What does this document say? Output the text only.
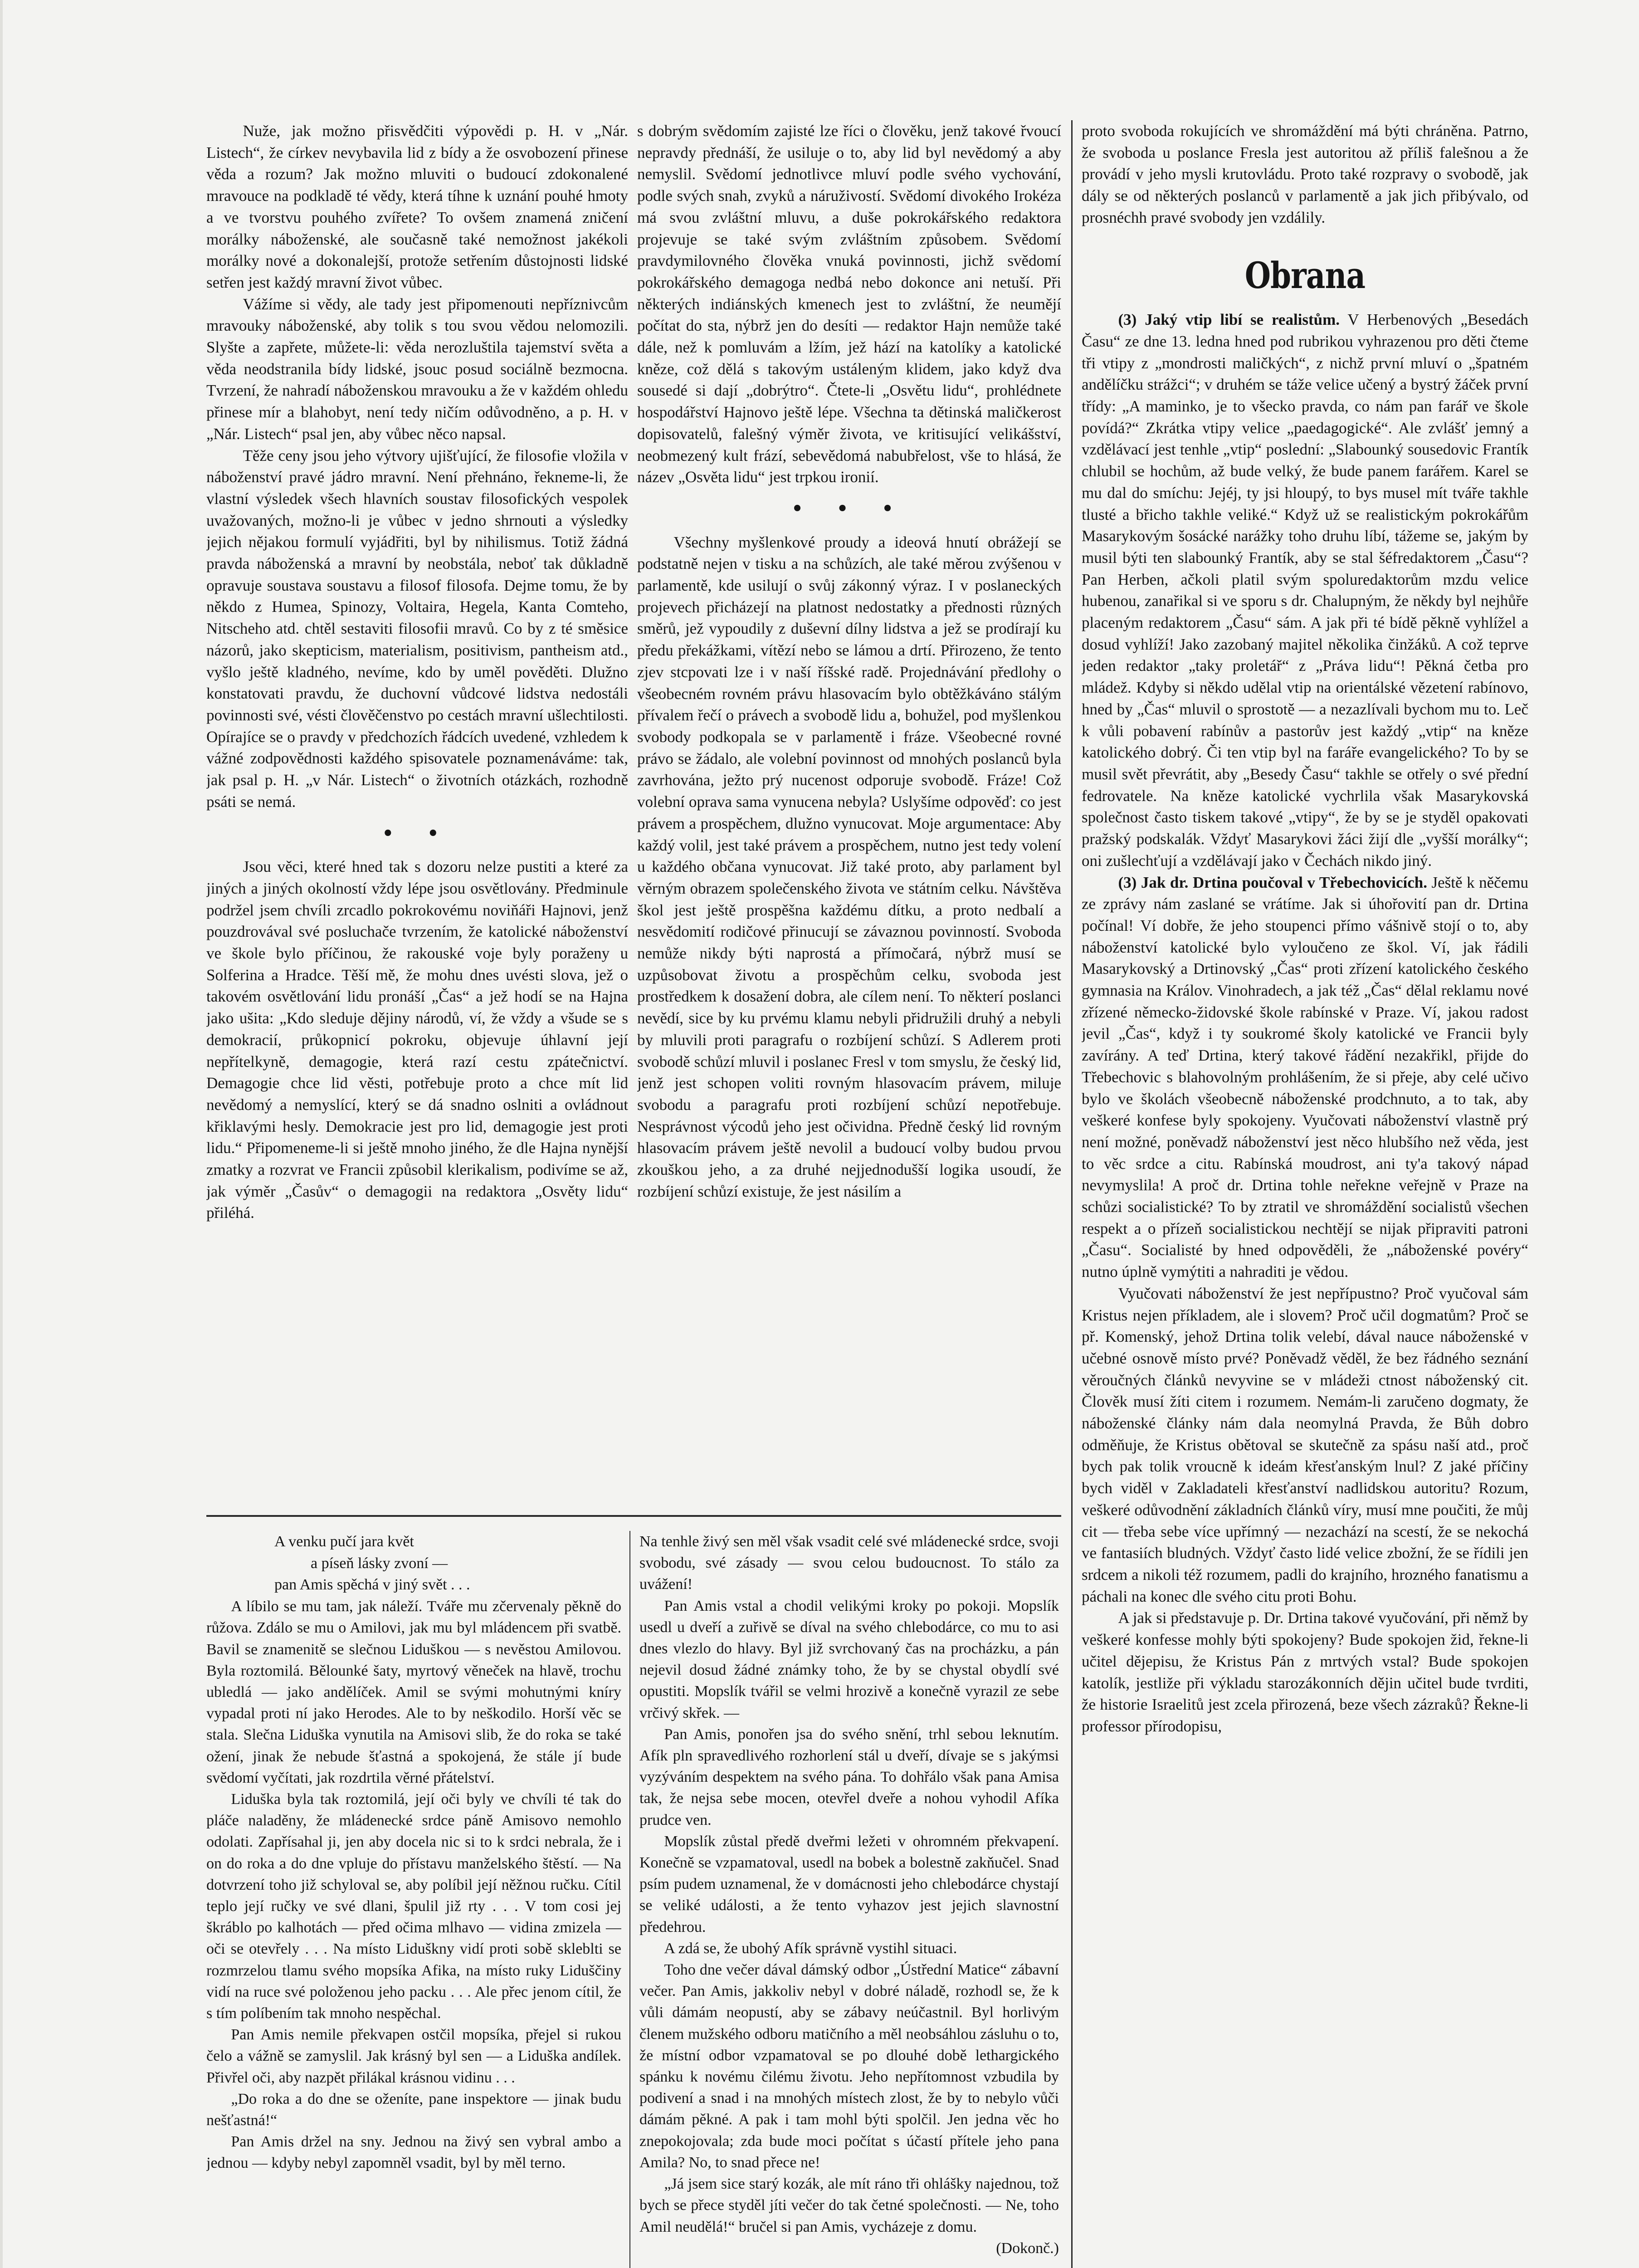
Nuže, jak možno přisvědčiti výpovědi p. H. v „Nár. Listech“, že církev nevybavila lid z bídy a že osvobození přinese věda a rozum? Jak možno mluviti o budoucí zdokonalené mravouce na podkladě té vědy, která tíhne k uznání pouhé hmoty a ve tvorstvu pouhého zvířete? To ovšem znamená zničení morálky náboženské, ale současně také nemožnost jakékoli morálky nové a dokonalejší, protože setřením důstojnosti lidské setřen jest každý mravní život vůbec.

Vážíme si vědy, ale tady jest připomenouti nepříznivcům mravouky náboženské, aby tolik s tou svou vědou nelomozili. Slyšte a zapřete, můžete-li: věda nerozluštila tajemství světa a věda neodstranila bídy lidské, jsouc posud sociálně bezmocna. Tvrzení, že nahradí náboženskou mravouku a že v každém ohledu přinese mír a blahobyt, není tedy ničím odůvodněno, a p. H. v „Nár. Listech“ psal jen, aby vůbec něco napsal.

Těže ceny jsou jeho výtvory ujišťující, že filosofie vložila v náboženství pravé jádro mravní. Není přehnáno, řekneme-li, že vlastní výsledek všech hlavních soustav filosofických vespolek uvažovaných, možno-li je vůbec v jedno shrnouti a výsledky jejich nějakou formulí vyjádřiti, byl by nihilismus. Totiž žádná pravda náboženská a mravní by neobstála, neboť tak důkladně opravuje soustava soustavu a filosof filosofa. Dejme tomu, že by někdo z Humea, Spinozy, Voltaira, Hegela, Kanta Comteho, Nitscheho atd. chtěl sestaviti filosofii mravů. Co by z té směsice názorů, jako skepticism, materialism, positivism, pantheism atd., vyšlo ještě kladného, nevíme, kdo by uměl pověděti. Dlužno konstatovati pravdu, že duchovní vůdcové lidstva nedostáli povinnosti své, vésti člověčenstvo po cestách mravní ušlechtilosti. Opírajíce se o pravdy v předchozích řádcích uvedené, vzhledem k vážné zodpovědnosti každého spisovatele poznamenáváme: tak, jak psal p. H. „v Nár. Listech“ o životních otázkách, rozhodně psáti se nemá.

• •

Jsou věci, které hned tak s dozoru nelze pustiti a které za jiných a jiných okolností vždy lépe jsou osvětlovány. Předminule podržel jsem chvíli zrcadlo pokrokovému noviňáři Hajnovi, jenž pouzdrovával své posluchače tvrzením, že katolické náboženství ve škole bylo příčinou, že rakouské voje byly poraženy u Solferina a Hradce. Těší mě, že mohu dnes uvésti slova, jež o takovém osvětlování lidu pronáší „Čas“ a jež hodí se na Hajna jako ušita: „Kdo sleduje dějiny národů, ví, že vždy a všude se s demokracií, průkopnicí pokroku, objevuje úhlavní její nepřítelkyně, demagogie, která razí cestu zpátečnictví. Demagogie chce lid věsti, potřebuje proto a chce mít lid nevědomý a nemyslící, který se dá snadno oslniti a ovládnout křiklavými hesly. Demokracie jest pro lid, demagogie jest proti lidu.“ Připomeneme-li si ještě mnoho jiného, že dle Hajna nynější zmatky a rozvrat ve Francii způsobil klerikalism, podivíme se až, jak výměr „Časův“ o demagogii na redaktora „Osvěty lidu“ přiléhá.

s dobrým svědomím zajisté lze říci o člověku, jenž takové řvoucí nepravdy přednáší, že usiluje o to, aby lid byl nevědomý a aby nemyslil. Svědomí jednotlivce mluví podle svého vychování, podle svých snah, zvyků a náruživostí. Svědomí divokého Irokéza má svou zvláštní mluvu, a duše pokrokářského redaktora projevuje se také svým zvláštním způsobem. Svědomí pravdymilovného člověka vnuká povinnosti, jichž svědomí pokrokářského demagoga nedbá nebo dokonce ani netuší. Při některých indiánských kmenech jest to zvláštní, že neumějí počítat do sta, nýbrž jen do desíti — redaktor Hajn nemůže také dále, než k pomluvám a lžím, jež hází na katolíky a katolické kněze, což dělá s takovým ustáleným klidem, jako když dva sousedé si dají „dobrýtro“. Čtete-li „Osvětu lidu“, prohlédnete hospodářství Hajnovo ještě lépe. Všechna ta dětinská maličkerost dopisovatelů, falešný výměr života, ve kritisující velikášství, neobmezený kult frází, sebevědomá nabubřelost, vše to hlásá, že název „Osvěta lidu“ jest trpkou ironií.

• • •

Všechny myšlenkové proudy a ideová hnutí obrážejí se podstatně nejen v tisku a na schůzích, ale také měrou zvýšenou v parlamentě, kde usilují o svůj zákonný výraz. I v poslaneckých projevech přicházejí na platnost nedostatky a přednosti různých směrů, jež vypoudily z duševní dílny lidstva a jež se prodírají ku předu překážkami, vítězí nebo se lámou a drtí. Přirozeno, že tento zjev stcpovati lze i v naší říšské radě. Projednávání předlohy o všeobecném rovném právu hlasovacím bylo obtěžkáváno stálým přívalem řečí o právech a svobodě lidu a, bohužel, pod myšlenkou svobody podkopala se v parlamentě i fráze. Všeobecné rovné právo se žádalo, ale volební povinnost od mnohých poslanců byla zavrhována, ježto prý nucenost odporuje svobodě. Fráze! Což volební oprava sama vynucena nebyla? Uslyšíme odpověď: co jest právem a prospěchem, dlužno vynucovat. Moje argumentace: Aby každý volil, jest také právem a prospěchem, nutno jest tedy volení u každého občana vynucovat. Již také proto, aby parlament byl věrným obrazem společenského života ve státním celku. Návštěva škol jest ještě prospěšna každému dítku, a proto nedbalí a nesvědomití rodičové přinucují se závaznou povinností. Svoboda nemůže nikdy býti naprostá a přímočará, nýbrž musí se uzpůsobovat životu a prospěchům celku, svoboda jest prostředkem k dosažení dobra, ale cílem není. To některí poslanci nevědí, sice by ku prvému klamu nebyli přidružili druhý a nebyli by mluvili proti paragrafu o rozbíjení schůzí. S Adlerem proti svobodě schůzí mluvil i poslanec Fresl v tom smyslu, že český lid, jenž jest schopen voliti rovným hlasovacím právem, miluje svobodu a paragrafu proti rozbíjení schůzí nepotřebuje. Nesprávnost výcodů jeho jest očividna. Předně český lid rovným hlasovacím právem ještě nevolil a budoucí volby budou prvou zkouškou jeho, a za druhé nejjednodušší logika usoudí, že rozbíjení schůzí existuje, že jest násilím a

A venku pučí jara květ
a píseň lásky zvoní —
pan Amis spěchá v jiný svět . . .

A líbilo se mu tam, jak náleží. Tváře mu zčervenaly pěkně do růžova. Zdálo se mu o Amilovi, jak mu byl mládencem při svatbě. Bavil se znamenitě se slečnou Liduškou — s nevěstou Amilovou. Byla roztomilá. Bělounké šaty, myrtový věneček na hlavě, trochu ubledlá — jako andělíček. Amil se svými mohutnými kníry vypadal proti ní jako Herodes. Ale to by neškodilo. Horší věc se stala. Slečna Liduška vynutila na Amisovi slib, že do roka se také ožení, jinak že nebude šťastná a spokojená, že stále jí bude svědomí vyčítati, jak rozdrtila věrné přátelství.

Liduška byla tak roztomilá, její oči byly ve chvíli té tak do pláče naladěny, že mládenecké srdce páně Amisovo nemohlo odolati. Zapřísahal ji, jen aby docela nic si to k srdci nebrala, že i on do roka a do dne vpluje do přístavu manželského štěstí. — Na dotvrzení toho již schyloval se, aby políbil její něžnou ručku. Cítil teplo její ručky ve své dlani, špulil již rty . . . V tom cosi jej škráblo po kalhotách — před očima mlhavo — vidina zmizela — oči se otevřely . . . Na místo Liduškny vidí proti sobě skleblti se rozmrzelou tlamu svého mopsíka Afika, na místo ruky Liduščiny vidí na ruce své položenou jeho packu . . . Ale přec jenom cítil, že s tím políbením tak mnoho nespěchal.

Pan Amis nemile překvapen ostčil mopsíka, přejel si rukou čelo a vážně se zamyslil. Jak krásný byl sen — a Liduška andílek. Přivřel oči, aby nazpět přilákal krásnou vidinu . . .

„Do roka a do dne se oženíte, pane inspektore — jinak budu nešťastná!“

Pan Amis držel na sny. Jednou na živý sen vybral ambo a jednou — kdyby nebyl zapomněl vsadit, byl by měl terno.

Na tenhle živý sen měl však vsadit celé své mládenecké srdce, svoji svobodu, své zásady — svou celou budoucnost. To stálo za uvážení!

Pan Amis vstal a chodil velikými kroky po pokoji. Mopslík usedl u dveří a zuřivě se díval na svého chlebodárce, co mu to asi dnes vlezlo do hlavy. Byl již svrchovaný čas na procházku, a pán nejevil dosud žádné známky toho, že by se chystal obydlí své opustiti. Mopslík tvářil se velmi hrozivě a konečně vyrazil ze sebe vrčivý skřek. —

Pan Amis, ponořen jsa do svého snění, trhl sebou leknutím. Afík pln spravedlivého rozhorlení stál u dveří, dívaje se s jakýmsi vyzýváním despektem na svého pána. To dohřálo však pana Amisa tak, že nejsa sebe mocen, otevřel dveře a nohou vyhodil Afíka prudce ven.

Mopslík zůstal předě dveřmi ležeti v ohromném překvapení. Konečně se vzpamatoval, usedl na bobek a bolestně zakňučel. Snad psím pudem uznamenal, že v domácnosti jeho chlebodárce chystají se veliké události, a že tento vyhazov jest jejich slavnostní předehrou.

A zdá se, že ubohý Afík správně vystihl situaci.

Toho dne večer dával dámský odbor „Ústřední Matice“ zábavní večer. Pan Amis, jakkoliv nebyl v dobré náladě, rozhodl se, že k vůli dámám neopustí, aby se zábavy neúčastnil. Byl horlivým členem mužského odboru matičního a měl neobsáhlou zásluhu o to, že místní odbor vzpamatoval se po dlouhé době lethargického spánku k novému čilému životu. Jeho nepřítomnost vzbudila by podivení a snad i na mnohých místech zlost, že by to nebylo vůči dámám pěkné. A pak i tam mohl býti spolčil. Jen jedna věc ho znepokojovala; zda bude moci počítat s účastí přítele jeho pana Amila? No, to snad přece ne!

„Já jsem sice starý kozák, ale mít ráno tři ohlášky najednou, tož bych se přece styděl jíti večer do tak četné společnosti. — Ne, toho Amil neudělá!“ bručel si pan Amis, vycházeje z domu.

(Dokonč.)

proto svoboda rokujících ve shromáždění má býti chráněna. Patrno, že svoboda u poslance Fresla jest autoritou až příliš falešnou a že provádí v jeho mysli krutovládu. Proto také rozpravy o svobodě, jak dály se od některých poslanců v parlamentě a jak jich přibývalo, od prosnéchh pravé svobody jen vzdálily.

Obrana

(3) Jaký vtip libí se realistům. V Herbenových „Besedách Času“ ze dne 13. ledna hned pod rubrikou vyhrazenou pro děti čteme tři vtipy z „mondrosti maličkých“, z nichž první mluví o „špatném andělíčku strážci“; v druhém se táže velice učený a bystrý žáček první třídy: „A maminko, je to všecko pravda, co nám pan farář ve škole povídá?“ Zkrátka vtipy velice „paedagogické“. Ale zvlášť jemný a vzdělávací jest tenhle „vtip“ poslední: „Slabounký sousedovic Frantík chlubil se hochům, až bude velký, že bude panem farářem. Karel se mu dal do smíchu: Jejéj, ty jsi hloupý, to bys musel mít tváře takhle tlusté a břicho takhle veliké.“ Když už se realistickým pokrokářům Masarykovým šosácké narážky toho druhu líbí, tážeme se, jakým by musil býti ten slabounký Frantík, aby se stal šéfredaktorem „Času“? Pan Herben, ačkoli platil svým spoluredaktorům mzdu velice hubenou, zanařikal si ve sporu s dr. Chalupným, že někdy byl nejhůře placeným redaktorem „Času“ sám. A jak při té bídě pěkně vyhlížel a dosud vyhlíží! Jako zazobaný majitel několika činžáků. A což teprve jeden redaktor „taky proletář“ z „Práva lidu“! Pěkná četba pro mládež. Kdyby si někdo udělal vtip na orientálské vězetení rabínovo, hned by „Čas“ mluvil o sprostotě — a nezazlívali bychom mu to. Leč k vůli pobavení rabínův a pastorův jest každý „vtip“ na kněze katolického dobrý. Či ten vtip byl na faráře evangelického? To by se musil svět převrátit, aby „Besedy Času“ takhle se otřely o své přední fedrovatele. Na kněze katolické vychrlila však Masarykovská společnost často tiskem takové „vtipy“, že by se je styděl opakovati pražský podskalák. Vždyť Masarykovi žáci žijí dle „vyšší morálky“; oni zušlechťují a vzdělávají jako v Čechách nikdo jiný.

(3) Jak dr. Drtina poučoval v Třebechovicích. Ještě k něčemu ze zprávy nám zaslané se vrátíme. Jak si úhořovití pan dr. Drtina počínal! Ví dobře, že jeho stoupenci přímo vášnivě stojí o to, aby náboženství katolické bylo vyloučeno ze škol. Ví, jak řádili Masarykovský a Drtinovský „Čas“ proti zřízení katolického českého gymnasia na Králov. Vinohradech, a jak též „Čas“ dělal reklamu nové zřízené německo-židovské škole rabínské v Praze. Ví, jakou radost jevil „Čas“, když i ty soukromé školy katolické ve Francii byly zavírány. A teď Drtina, který takové řádění nezakřikl, přijde do Třebechovic s blahovolným prohlášením, že si přeje, aby celé učivo bylo ve školách všeobecně náboženské prodchnuto, a to tak, aby veškeré konfese byly spokojeny. Vyučovati náboženství vlastně prý není možné, poněvadž náboženství jest něco hlubšího než věda, jest to věc srdce a citu. Rabínská moudrost, ani ty'a takový nápad nevymyslila! A proč dr. Drtina tohle neřekne veřejně v Praze na schůzi socialistické? To by ztratil ve shromáždění socialistů všechen respekt a o přízeň socialistickou nechtějí se nijak připraviti patroni „Času“. Socialisté by hned odpověděli, že „náboženské povéry“ nutno úplně vymýtiti a nahraditi je vědou.

Vyučovati náboženství že jest nepřípustno? Proč vyučoval sám Kristus nejen příkladem, ale i slovem? Proč učil dogmatům? Proč se př. Komenský, jehož Drtina tolik velebí, dával nauce náboženské v učebné osnově místo prvé? Poněvadž věděl, že bez řádného seznání věroučných článků nevyvine se v mládeži ctnost náboženský cit. Člověk musí žíti citem i rozumem. Nemám-li zaručeno dogmaty, že náboženské články nám dala neomylná Pravda, že Bůh dobro odměňuje, že Kristus obětoval se skutečně za spásu naší atd., proč bych pak tolik vroucně k ideám křesťanským lnul? Z jaké příčiny bych viděl v Zakladateli křesťanství nadlidskou autoritu? Rozum, veškeré odůvodnění základních článků víry, musí mne poučiti, že můj cit — třeba sebe více upřímný — nezachází na scestí, že se nekochá ve fantasiích bludných. Vždyť často lidé velice zbožní, že se řídili jen srdcem a nikoli též rozumem, padli do krajního, hrozného fanatismu a páchali na konec dle svého citu proti Bohu.

A jak si představuje p. Dr. Drtina takové vyučování, při němž by veškeré konfesse mohly býti spokojeny? Bude spokojen žid, řekne-li učitel dějepisu, že Kristus Pán z mrtvých vstal? Bude spokojen katolík, jestliže při výkladu starozákonních dějin učitel bude tvrditi, že historie Israelitů jest zcela přirozená, beze všech zázraků? Řekne-li professor přírodopisu,
